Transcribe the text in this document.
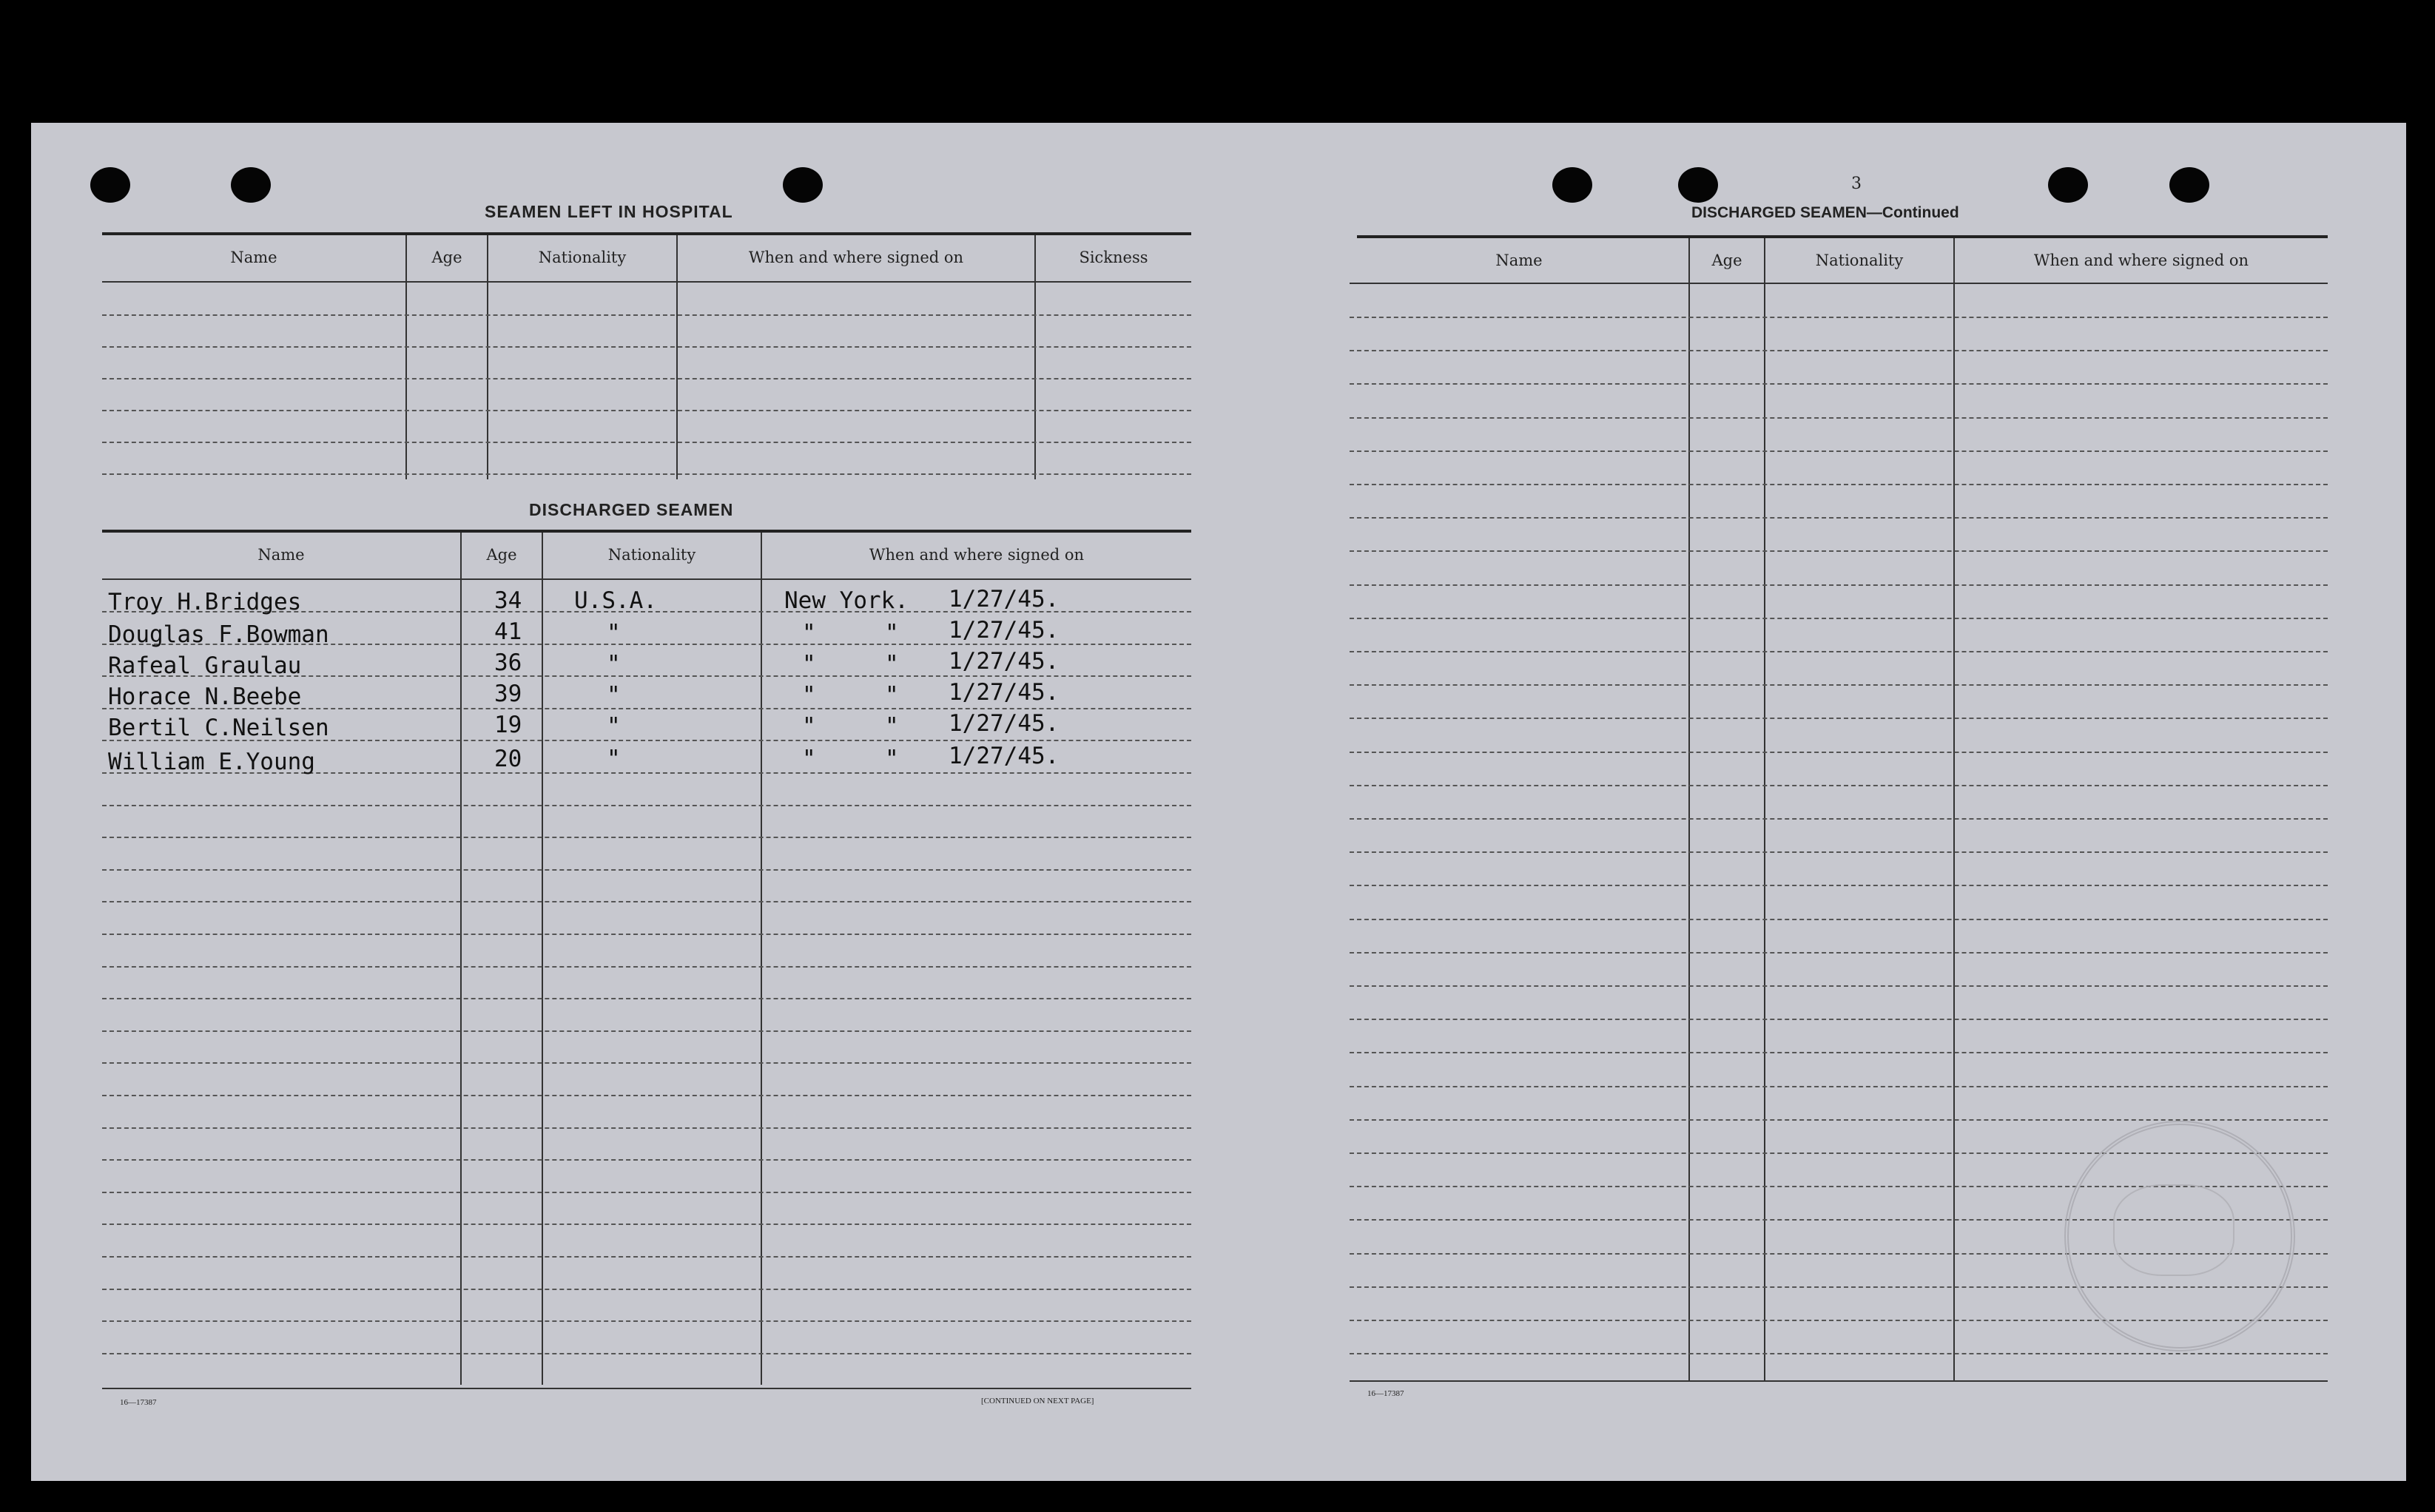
SEAMEN LEFT IN HOSPITAL
Name	Age	Nationality	When and where signed on	Sickness
DISCHARGED SEAMEN
Name	Age	Nationality	When and where signed on
Troy H.Bridges	34 U.S.A.	New York. 1/27/45.
Douglas F.Bowman	41	"	"     " 1/27/45.
Rafeal Graulau	36	"	"     " 1/27/45.
Horace N.Beebe	39	"	"     " 1/27/45.
Bertil C.Neilsen	19	"	"     " 1/27/45.
William E.Young	20	"	"     " 1/27/45.
16—17387	[CONTINUED ON NEXT PAGE]
3
DISCHARGED SEAMEN—Continued
Name	Age	Nationality	When and where signed on
16—17387
